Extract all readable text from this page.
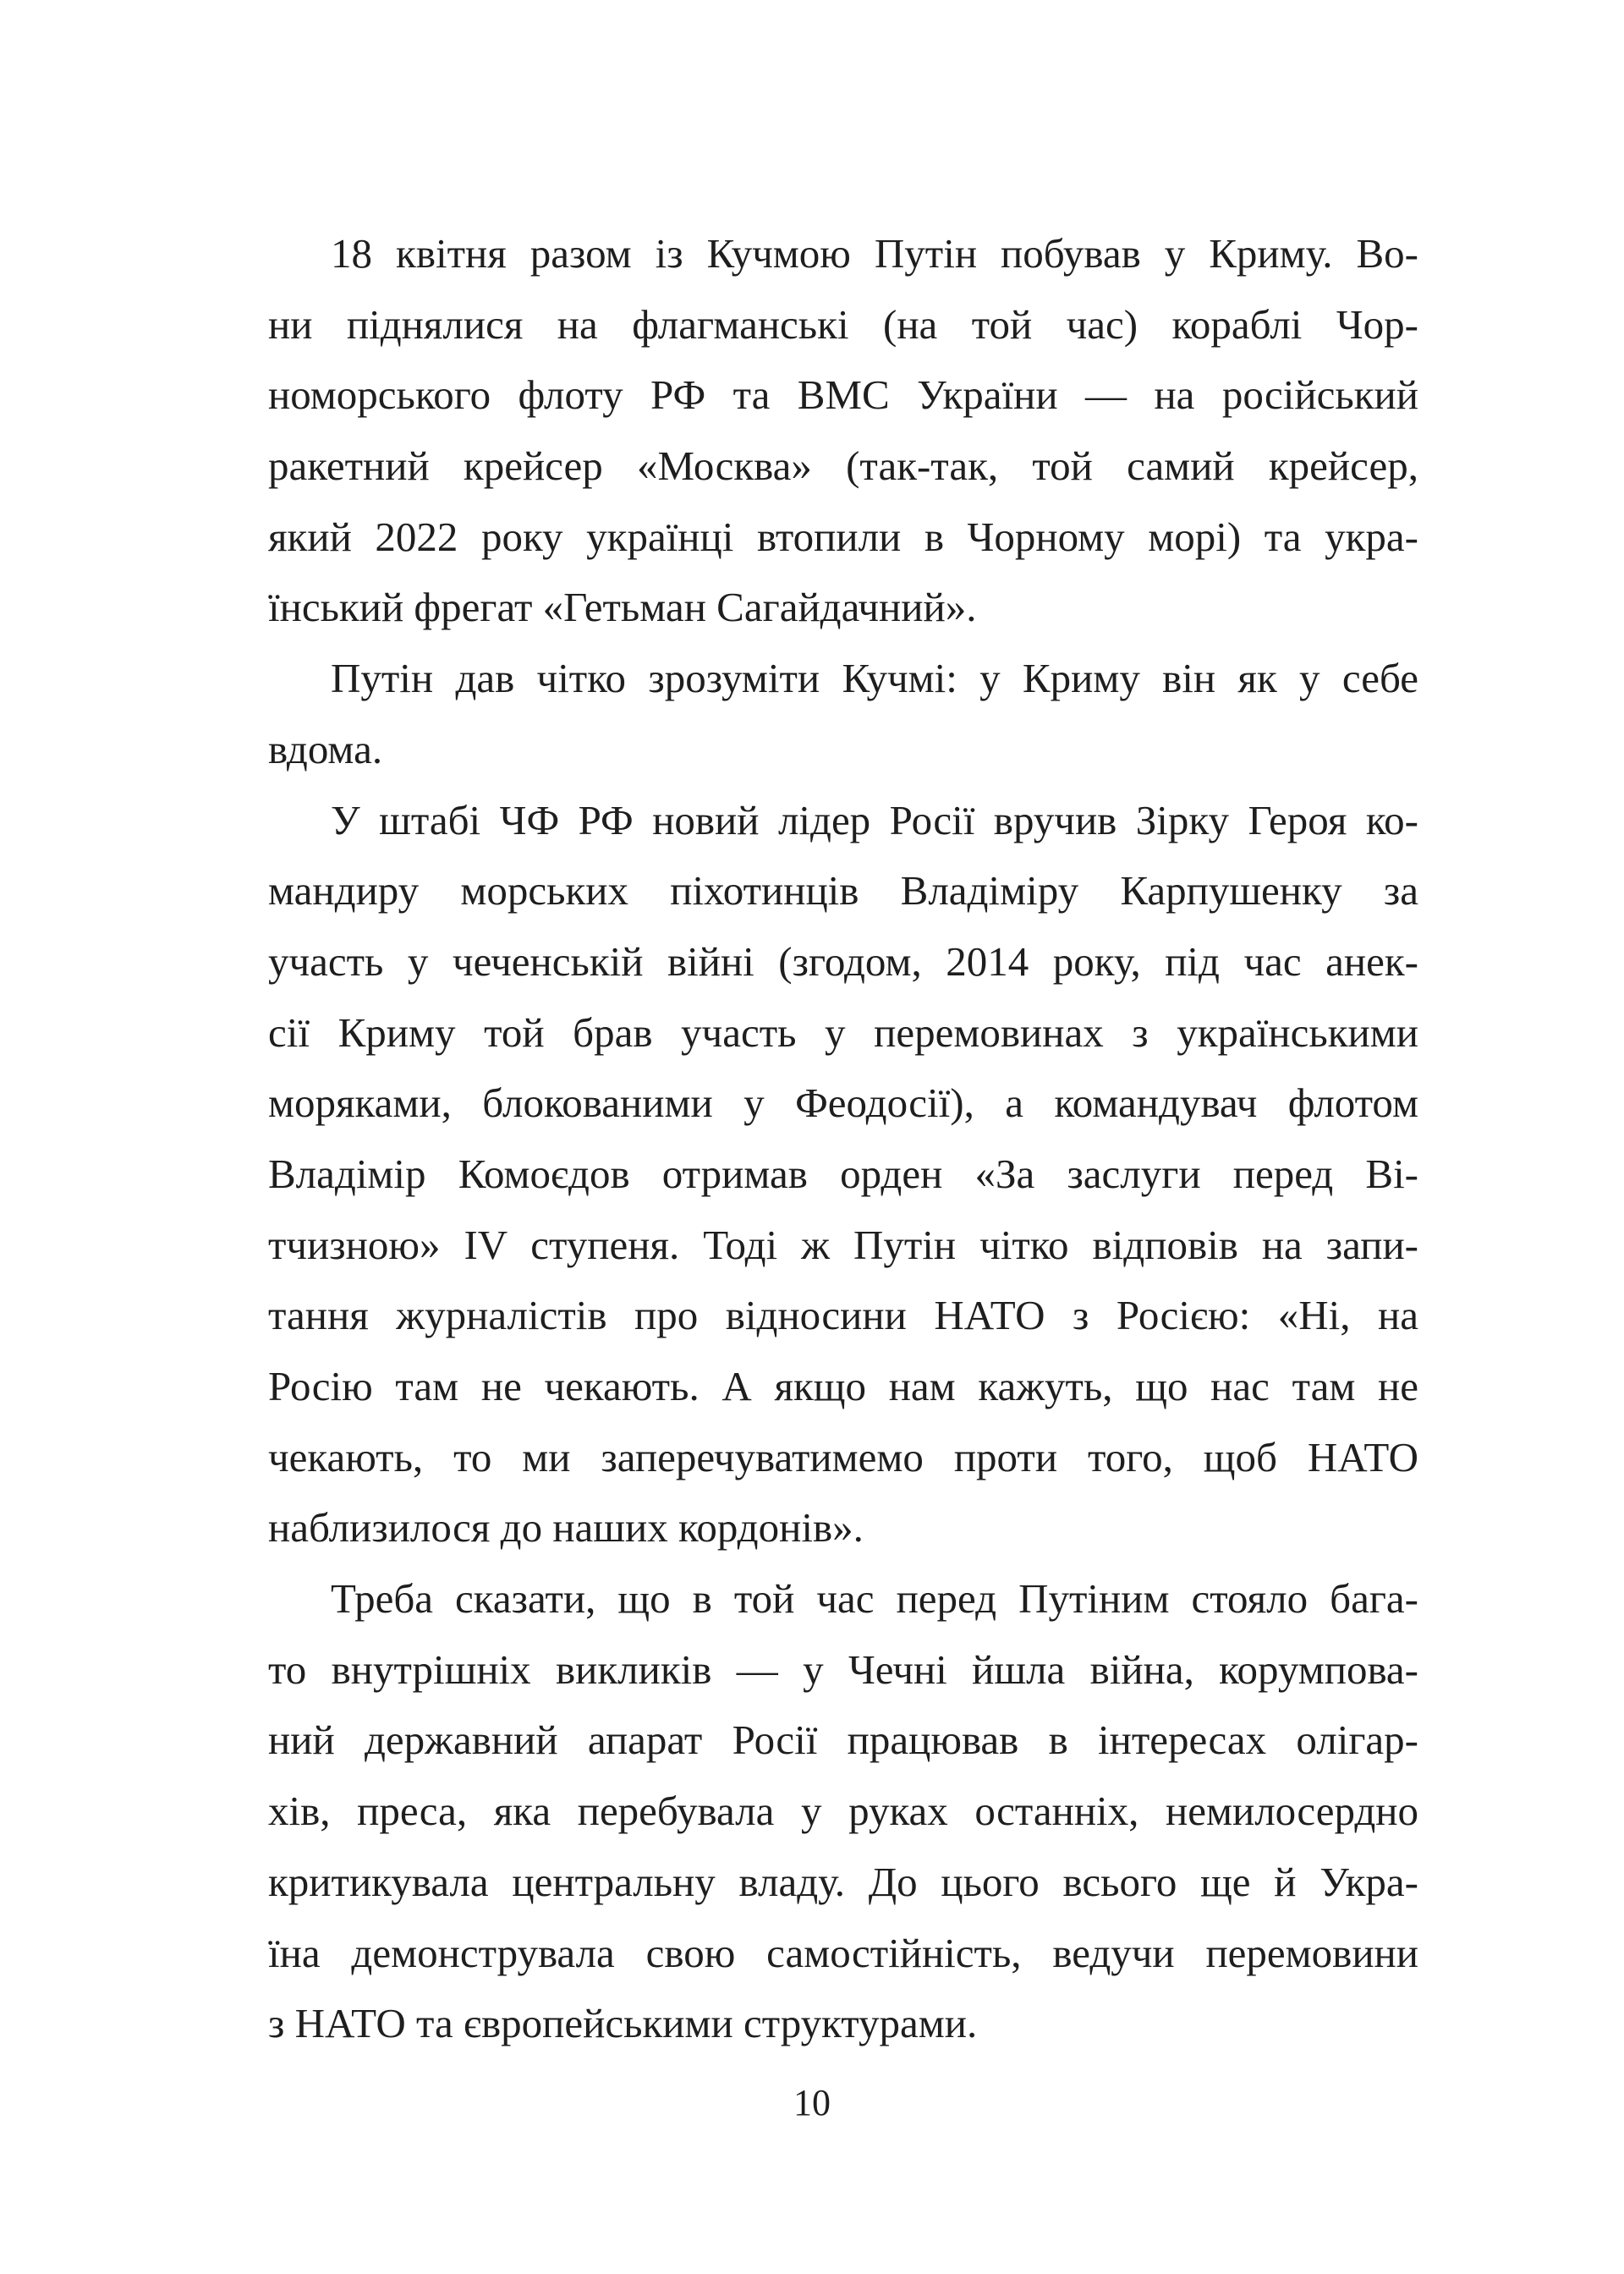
18 квітня разом із Кучмою Путін побував у Криму. Во-
ни піднялися на флагманські (на той час) кораблі Чор-
номорського флоту РФ та ВМС України — на російський
ракетний крейсер «Москва» (так-так, той самий крейсер,
який 2022 року українці втопили в Чорному морі) та укра-
їнський фрегат «Гетьман Сагайдачний».
Путін дав чітко зрозуміти Кучмі: у Криму він як у себе
вдома.
У штабі ЧФ РФ новий лідер Росії вручив Зірку Героя ко-
мандиру морських піхотинців Владіміру Карпушенку за
участь у чеченській війні (згодом, 2014 року, під час анек-
сії Криму той брав участь у перемовинах з українськими
моряками, блокованими у Феодосії), а командувач флотом
Владімір Комоєдов отримав орден «За заслуги перед Ві-
тчизною» IV ступеня. Тоді ж Путін чітко відповів на запи-
тання журналістів про відносини НАТО з Росією: «Ні, на
Росію там не чекають. А якщо нам кажуть, що нас там не
чекають, то ми заперечуватимемо проти того, щоб НАТО
наблизилося до наших кордонів».
Треба сказати, що в той час перед Путіним стояло бага-
то внутрішніх викликів — у Чечні йшла війна, корумпова-
ний державний апарат Росії працював в інтересах олігар-
хів, преса, яка перебувала у руках останніх, немилосердно
критикувала центральну владу. До цього всього ще й Укра-
їна демонструвала свою самостійність, ведучи перемовини
з НАТО та європейськими структурами.
10
